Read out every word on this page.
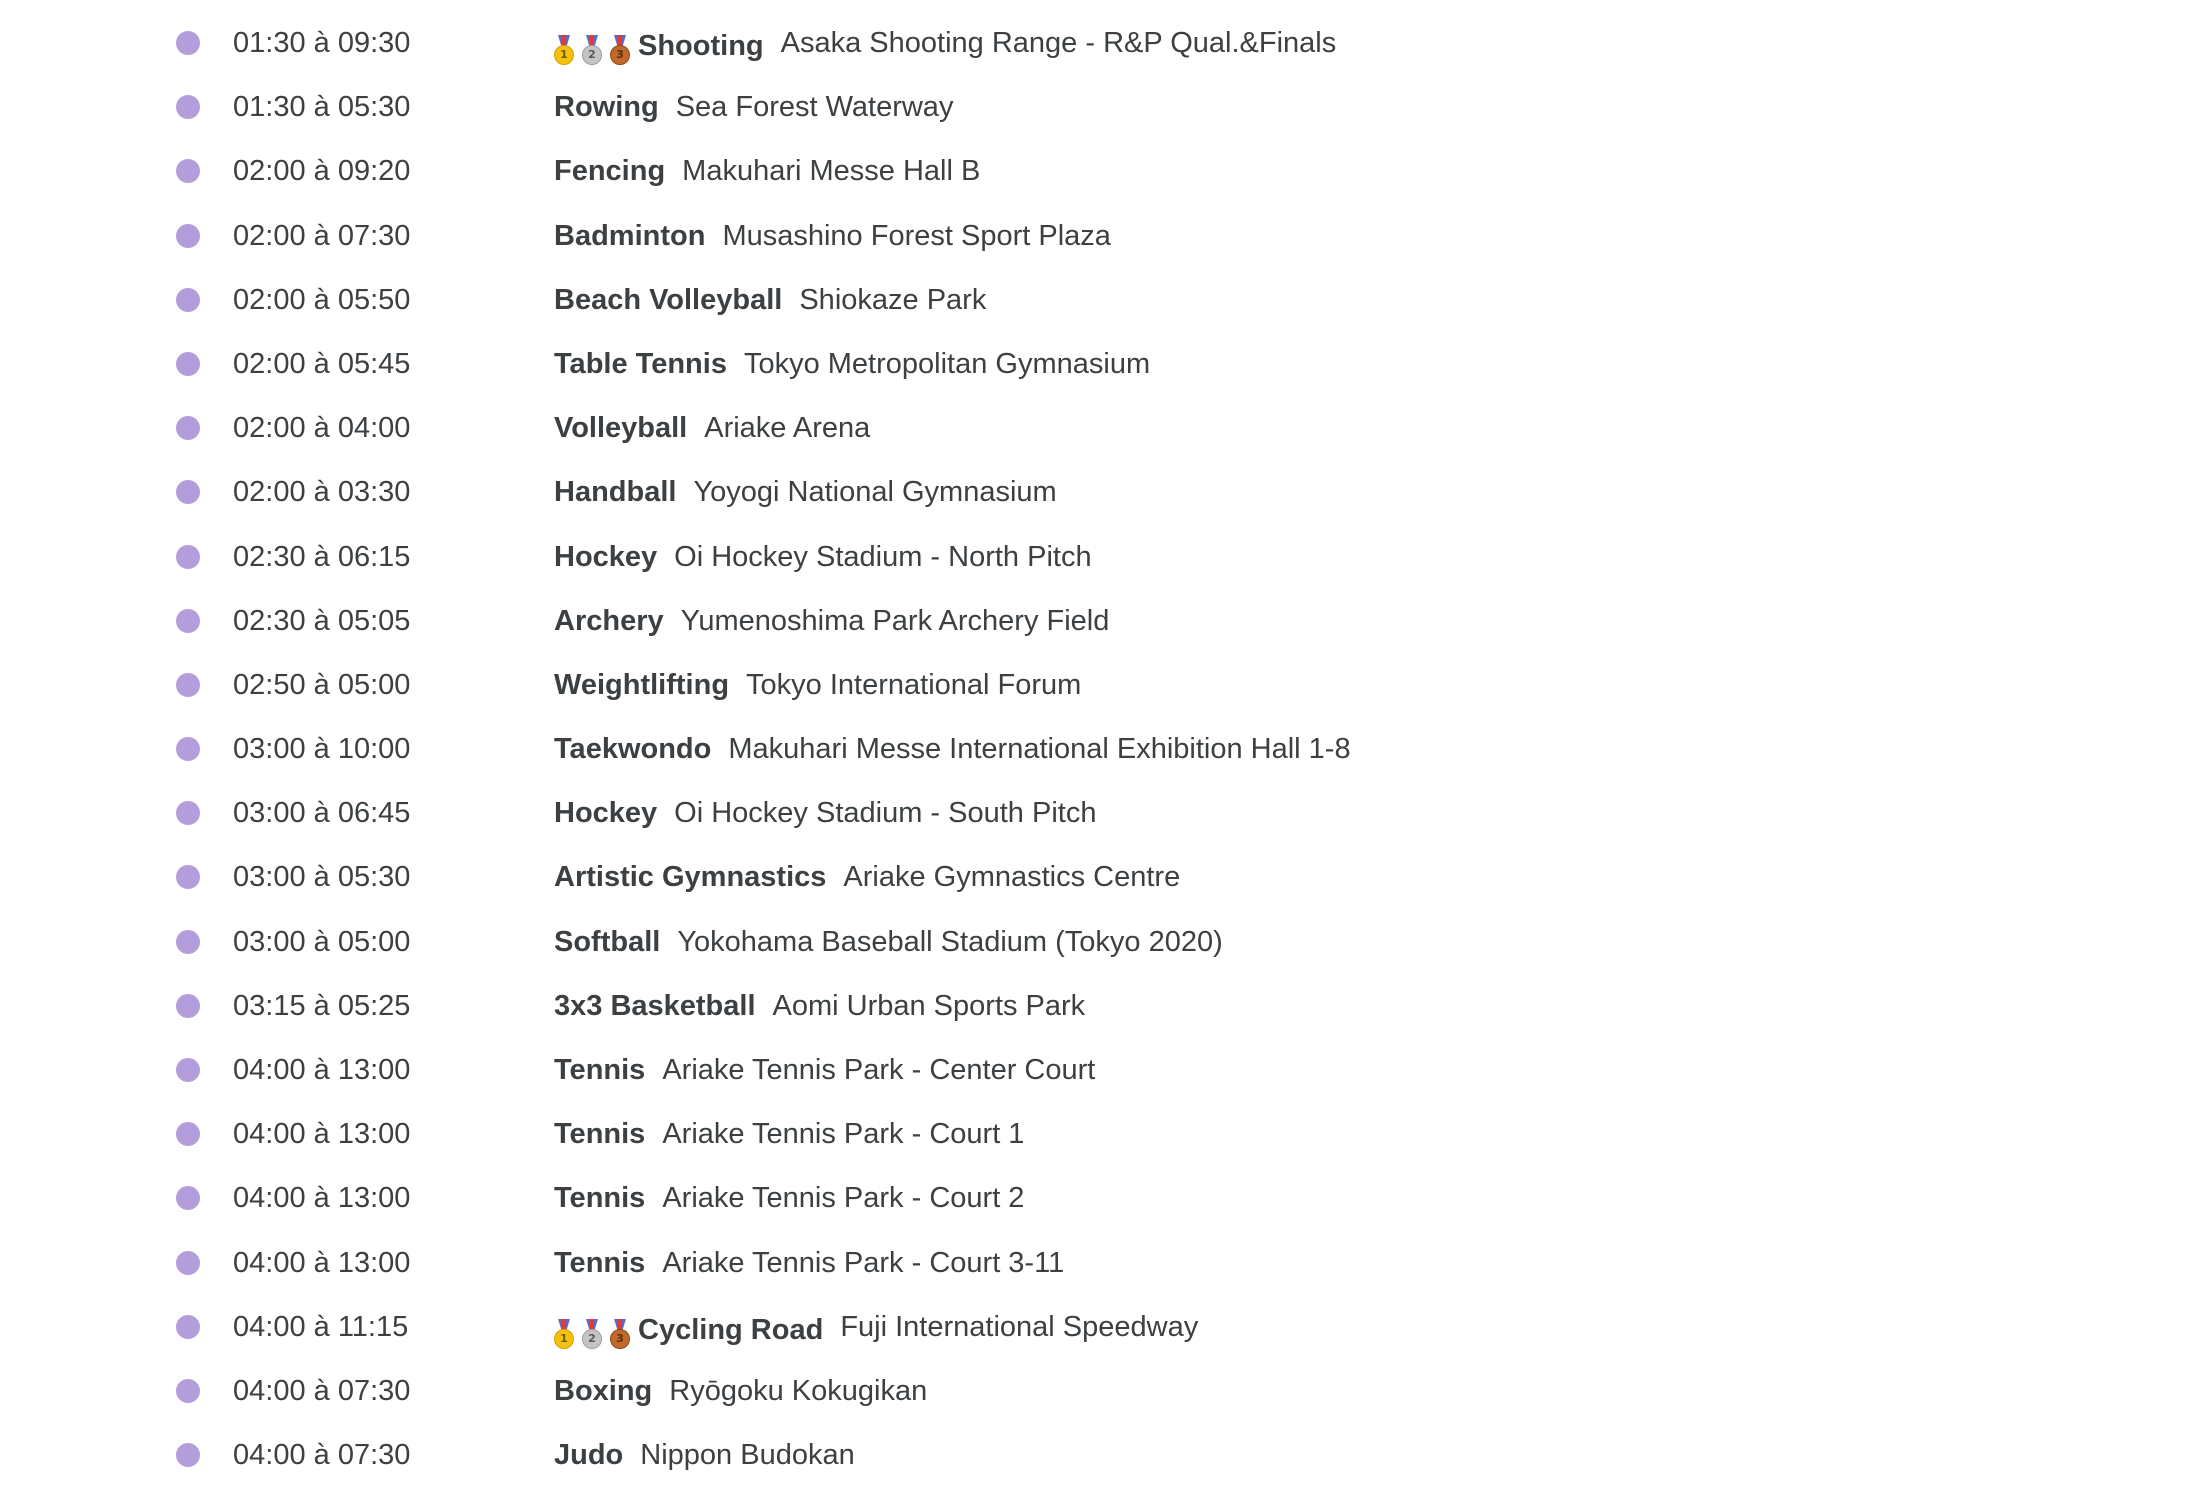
01:30 à 09:30	1	2	3 Shooting Asaka Shooting Range - R&P Qual.&Finals
01:30 à 05:30	Rowing Sea Forest Waterway
02:00 à 09:20	Fencing Makuhari Messe Hall B
02:00 à 07:30	Badminton Musashino Forest Sport Plaza
02:00 à 05:50	Beach Volleyball Shiokaze Park
02:00 à 05:45	Table Tennis Tokyo Metropolitan Gymnasium
02:00 à 04:00	Volleyball Ariake Arena
02:00 à 03:30	Handball Yoyogi National Gymnasium
02:30 à 06:15	Hockey Oi Hockey Stadium - North Pitch
02:30 à 05:05	Archery Yumenoshima Park Archery Field
02:50 à 05:00	Weightlifting Tokyo International Forum
03:00 à 10:00	Taekwondo Makuhari Messe International Exhibition Hall 1-8
03:00 à 06:45	Hockey Oi Hockey Stadium - South Pitch
03:00 à 05:30	Artistic Gymnastics Ariake Gymnastics Centre
03:00 à 05:00	Softball Yokohama Baseball Stadium (Tokyo 2020)
03:15 à 05:25	3x3 Basketball Aomi Urban Sports Park
04:00 à 13:00	Tennis Ariake Tennis Park - Center Court
04:00 à 13:00	Tennis Ariake Tennis Park - Court 1
04:00 à 13:00	Tennis Ariake Tennis Park - Court 2
04:00 à 13:00	Tennis Ariake Tennis Park - Court 3-11
04:00 à 11:15	1	2	3 Cycling Road Fuji International Speedway
04:00 à 07:30	Boxing Ryōgoku Kokugikan
04:00 à 07:30	Judo Nippon Budokan
